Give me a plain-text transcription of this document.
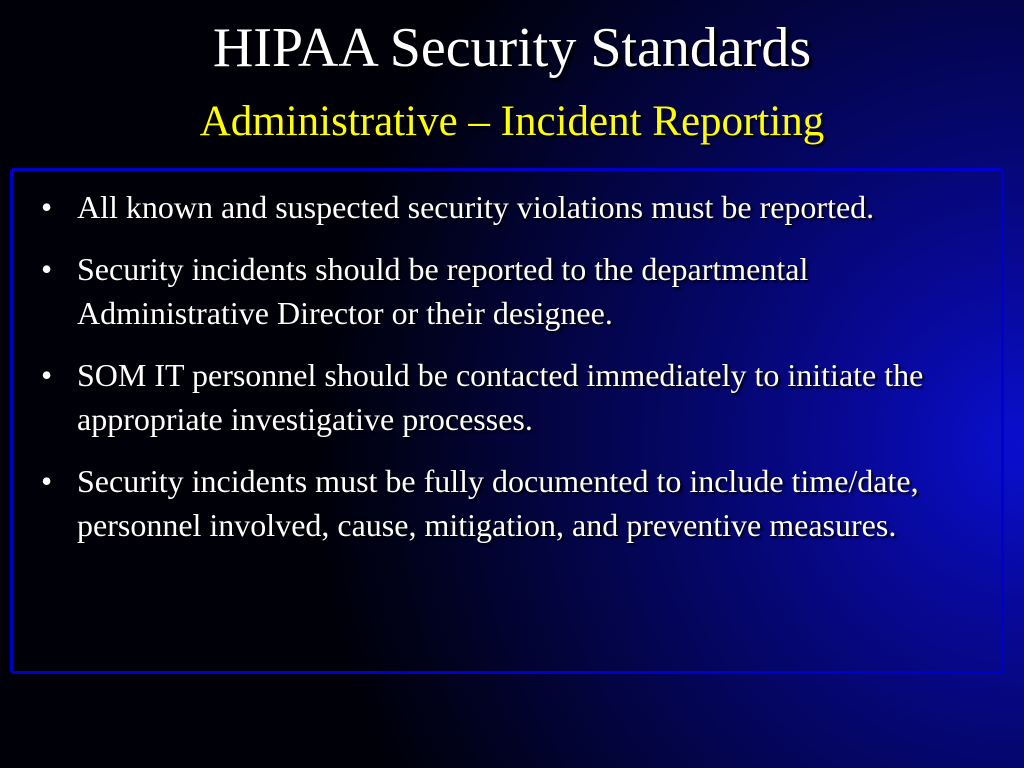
HIPAA Security Standards
Administrative – Incident Reporting
• All known and suspected security violations must be reported.
• Security incidents should be reported to the departmental Administrative Director or their designee.
• SOM IT personnel should be contacted immediately to initiate the appropriate investigative processes.
• Security incidents must be fully documented to include time/date, personnel involved, cause, mitigation, and preventive measures.
